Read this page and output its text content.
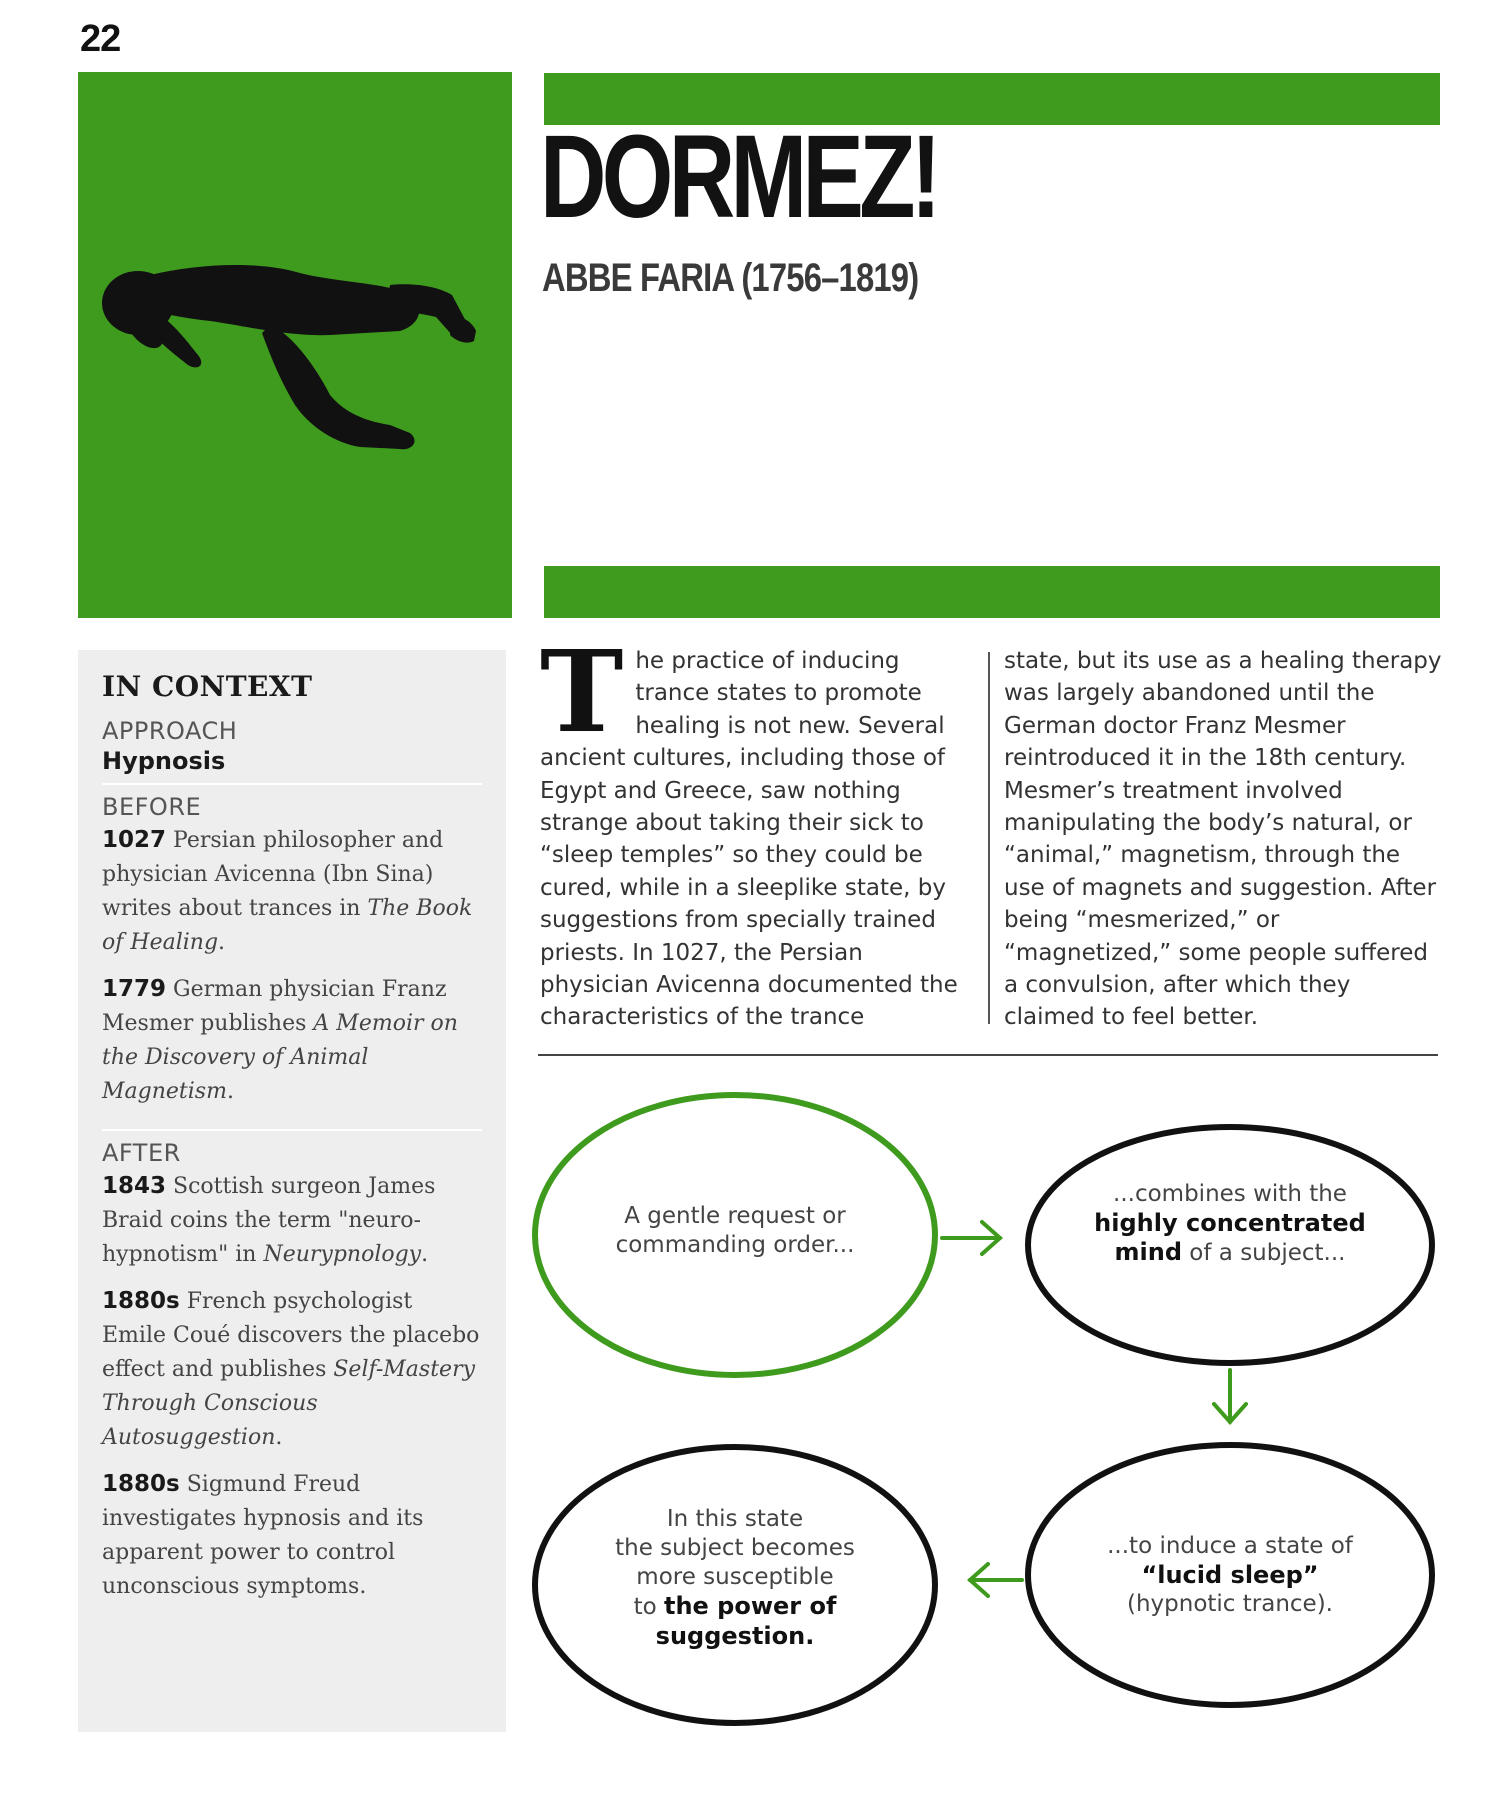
22
DORMEZ!
ABBE FARIA (1756–1819)
IN CONTEXT
APPROACH
Hypnosis
BEFORE

1027 Persian philosopher and physician Avicenna (Ibn Sina) writes about trances in The Book of Healing.

1779 German physician Franz Mesmer publishes A Memoir on the Discovery of Animal Magnetism.

AFTER

1843 Scottish surgeon James Braid coins the term "neuro-hypnotism" in Neurypnology.

1880s French psychologist Emile Coué discovers the placebo effect and publishes Self-Mastery Through Conscious Autosuggestion.

1880s Sigmund Freud investigates hypnosis and its apparent power to control unconscious symptoms.

T he practice of inducing trance states to promote healing is not new. Several ancient cultures, including those of Egypt and Greece, saw nothing strange about taking their sick to “sleep temples” so they could be cured, while in a sleeplike state, by suggestions from specially trained priests. In 1027, the Persian physician Avicenna documented the characteristics of the trance

state, but its use as a healing therapy was largely abandoned until the German doctor Franz Mesmer reintroduced it in the 18th century. Mesmer’s treatment involved manipulating the body’s natural, or “animal,” magnetism, through the use of magnets and suggestion. After being “mesmerized,” or “magnetized,” some people suffered a convulsion, after which they claimed to feel better.

A gentle request or
commanding order...
...combines with the
highly concentrated
mind of a subject...
...to induce a state of
“lucid sleep”
(hypnotic trance).
In this state
the subject becomes
more susceptible
to the power of
suggestion.
